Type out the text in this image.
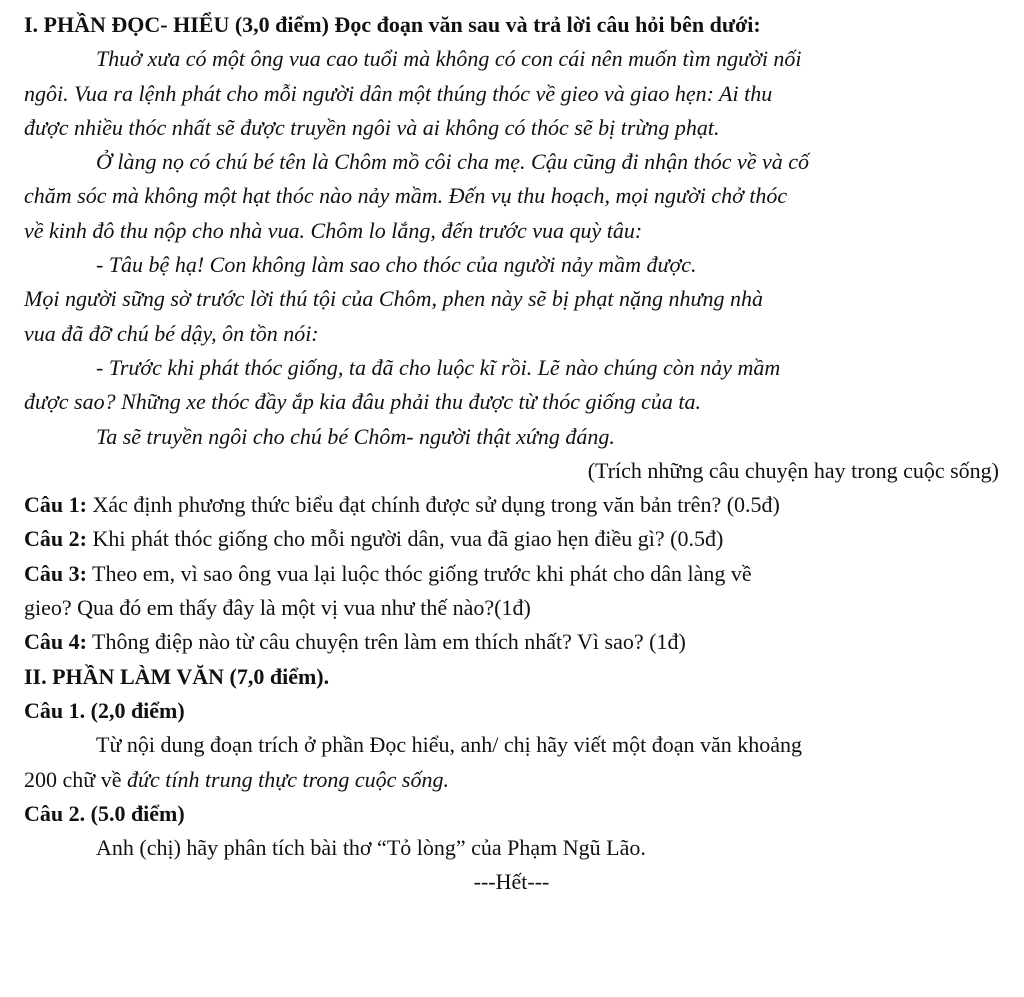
I. PHẦN ĐỌC- HIỂU (3,0 điểm) Đọc đoạn văn sau và trả lời câu hỏi bên dưới:
Thuở xưa có một ông vua cao tuổi mà không có con cái nên muốn tìm người nối
ngôi. Vua ra lệnh phát cho mỗi người dân một thúng thóc về gieo và giao hẹn: Ai thu
được nhiều thóc nhất sẽ được truyền ngôi và ai không có thóc sẽ bị trừng phạt.
Ở làng nọ có chú bé tên là Chôm mồ côi cha mẹ. Cậu cũng đi nhận thóc về và cố
chăm sóc mà không một hạt thóc nào nảy mầm. Đến vụ thu hoạch, mọi người chở thóc
về kinh đô thu nộp cho nhà vua. Chôm lo lắng, đến trước vua quỳ tâu:
- Tâu bệ hạ! Con không làm sao cho thóc của người nảy mầm được.
Mọi người sững sờ trước lời thú tội của Chôm, phen này sẽ bị phạt nặng nhưng nhà
vua đã đỡ chú bé dậy, ôn tồn nói:
- Trước khi phát thóc giống, ta đã cho luộc kĩ rồi. Lẽ nào chúng còn nảy mầm
được sao? Những xe thóc đầy ắp kia đâu phải thu được từ thóc giống của ta.
Ta sẽ truyền ngôi cho chú bé Chôm- người thật xứng đáng.
(Trích những câu chuyện hay trong cuộc sống)
Câu 1: Xác định phương thức biểu đạt chính được sử dụng trong văn bản trên? (0.5đ)
Câu 2: Khi phát thóc giống cho mỗi người dân, vua đã giao hẹn điều gì? (0.5đ)
Câu 3: Theo em, vì sao ông vua lại luộc thóc giống trước khi phát cho dân làng về
gieo? Qua đó em thấy đây là một vị vua như thế nào?(1đ)
Câu 4: Thông điệp nào từ câu chuyện trên làm em thích nhất? Vì sao? (1đ)
II. PHẦN LÀM VĂN (7,0 điểm).
Câu 1. (2,0 điểm)
Từ nội dung đoạn trích ở phần Đọc hiểu, anh/ chị hãy viết một đoạn văn khoảng
200 chữ về đức tính trung thực trong cuộc sống.
Câu 2. (5.0 điểm)
Anh (chị) hãy phân tích bài thơ “Tỏ lòng” của Phạm Ngũ Lão.
---Hết---
